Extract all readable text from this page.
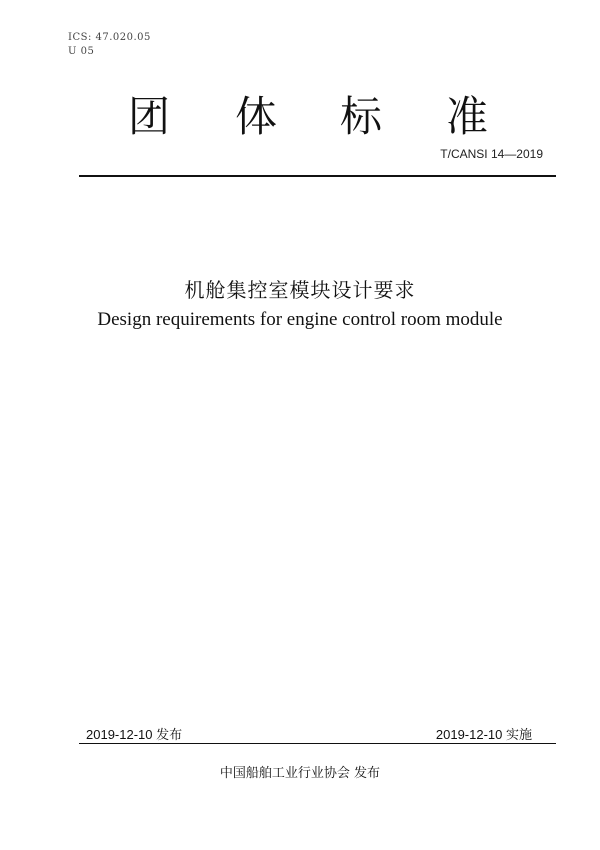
ICS: 47.020.05
U 05
团 体 标 准
T/CANSI 14—2019
机舱集控室模块设计要求
Design requirements for engine control room module
2019-12-10 发布	2019-12-10 实施
中国船舶工业行业协会 发布
